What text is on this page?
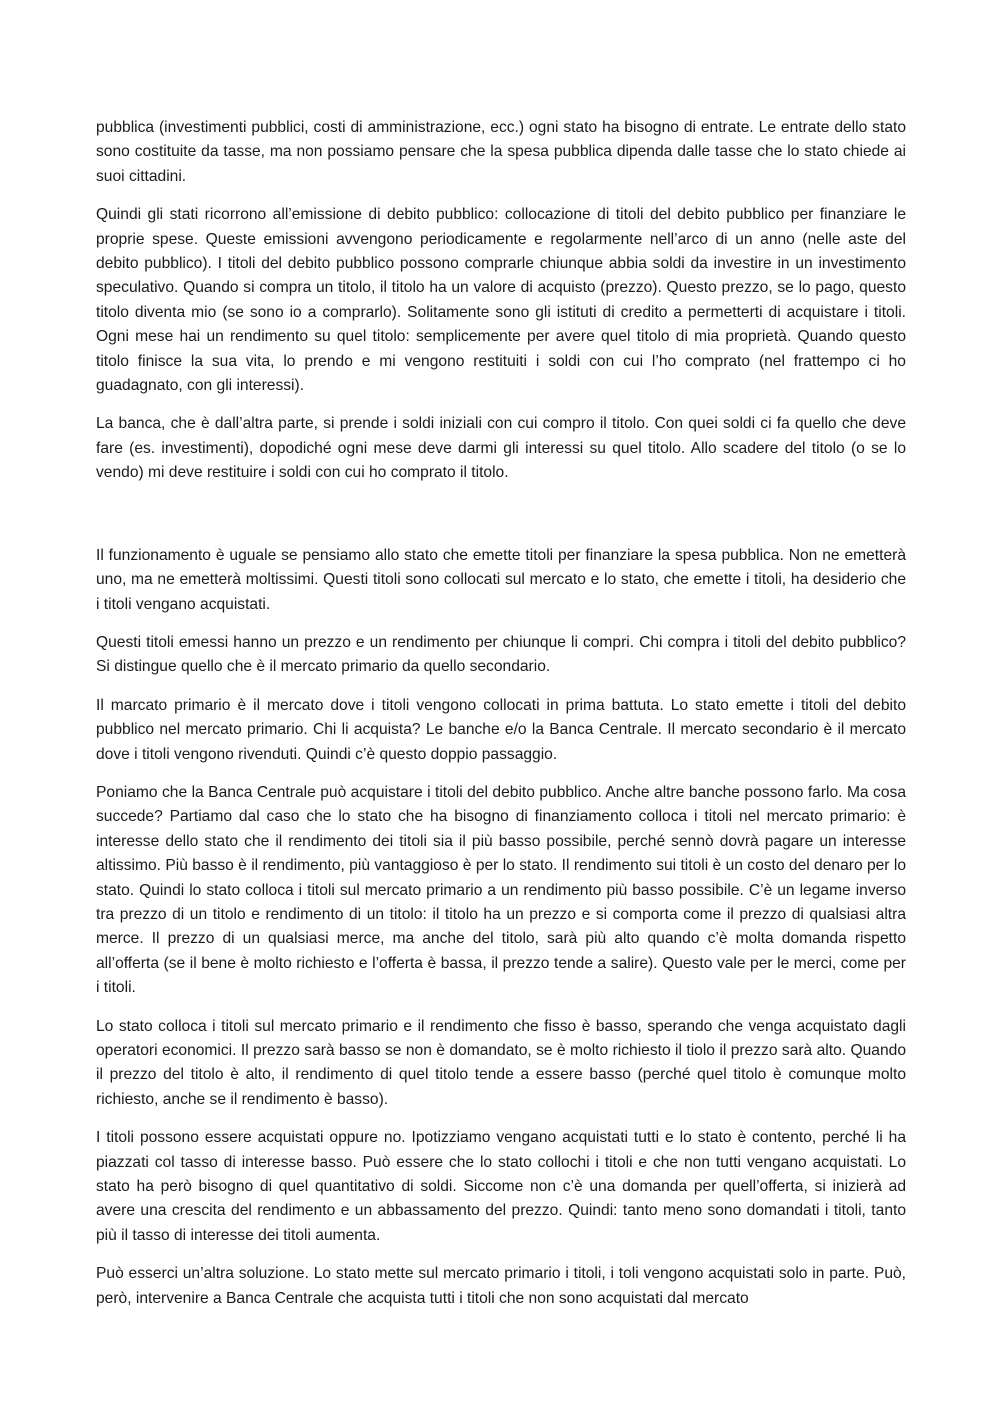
pubblica (investimenti pubblici, costi di amministrazione, ecc.) ogni stato ha bisogno di entrate. Le entrate dello stato sono costituite da tasse, ma non possiamo pensare che la spesa pubblica dipenda dalle tasse che lo stato chiede ai suoi cittadini.

Quindi gli stati ricorrono all’emissione di debito pubblico: collocazione di titoli del debito pubblico per finanziare le proprie spese. Queste emissioni avvengono periodicamente e regolarmente nell’arco di un anno (nelle aste del debito pubblico). I titoli del debito pubblico possono comprarle chiunque abbia soldi da investire in un investimento speculativo. Quando si compra un titolo, il titolo ha un valore di acquisto (prezzo). Questo prezzo, se lo pago, questo titolo diventa mio (se sono io a comprarlo). Solitamente sono gli istituti di credito a permetterti di acquistare i titoli. Ogni mese hai un rendimento su quel titolo: semplicemente per avere quel titolo di mia proprietà. Quando questo titolo finisce la sua vita, lo prendo e mi vengono restituiti i soldi con cui l’ho comprato (nel frattempo ci ho guadagnato, con gli interessi).

La banca, che è dall’altra parte, si prende i soldi iniziali con cui compro il titolo. Con quei soldi ci fa quello che deve fare (es. investimenti), dopodiché ogni mese deve darmi gli interessi su quel titolo. Allo scadere del titolo (o se lo vendo) mi deve restituire i soldi con cui ho comprato il titolo.

Il funzionamento è uguale se pensiamo allo stato che emette titoli per finanziare la spesa pubblica. Non ne emetterà uno, ma ne emetterà moltissimi. Questi titoli sono collocati sul mercato e lo stato, che emette i titoli, ha desiderio che i titoli vengano acquistati.

Questi titoli emessi hanno un prezzo e un rendimento per chiunque li compri. Chi compra i titoli del debito pubblico? Si distingue quello che è il mercato primario da quello secondario.

Il marcato primario è il mercato dove i titoli vengono collocati in prima battuta. Lo stato emette i titoli del debito pubblico nel mercato primario. Chi li acquista? Le banche e/o la Banca Centrale. Il mercato secondario è il mercato dove i titoli vengono rivenduti. Quindi c’è questo doppio passaggio.

Poniamo che la Banca Centrale può acquistare i titoli del debito pubblico. Anche altre banche possono farlo. Ma cosa succede? Partiamo dal caso che lo stato che ha bisogno di finanziamento colloca i titoli nel mercato primario: è interesse dello stato che il rendimento dei titoli sia il più basso possibile, perché sennò dovrà pagare un interesse altissimo. Più basso è il rendimento, più vantaggioso è per lo stato. Il rendimento sui titoli è un costo del denaro per lo stato. Quindi lo stato colloca i titoli sul mercato primario a un rendimento più basso possibile. C’è un legame inverso tra prezzo di un titolo e rendimento di un titolo: il titolo ha un prezzo e si comporta come il prezzo di qualsiasi altra merce. Il prezzo di un qualsiasi merce, ma anche del titolo, sarà più alto quando c’è molta domanda rispetto all’offerta (se il bene è molto richiesto e l’offerta è bassa, il prezzo tende a salire). Questo vale per le merci, come per i titoli.

Lo stato colloca i titoli sul mercato primario e il rendimento che fisso è basso, sperando che venga acquistato dagli operatori economici. Il prezzo sarà basso se non è domandato, se è molto richiesto il tiolo il prezzo sarà alto. Quando il prezzo del titolo è alto, il rendimento di quel titolo tende a essere basso (perché quel titolo è comunque molto richiesto, anche se il rendimento è basso).

I titoli possono essere acquistati oppure no. Ipotizziamo vengano acquistati tutti e lo stato è contento, perché li ha piazzati col tasso di interesse basso. Può essere che lo stato collochi i titoli e che non tutti vengano acquistati. Lo stato ha però bisogno di quel quantitativo di soldi. Siccome non c’è una domanda per quell’offerta, si inizierà ad avere una crescita del rendimento e un abbassamento del prezzo. Quindi: tanto meno sono domandati i titoli, tanto più il tasso di interesse dei titoli aumenta.

Può esserci un’altra soluzione. Lo stato mette sul mercato primario i titoli, i toli vengono acquistati solo in parte. Può, però, intervenire a Banca Centrale che acquista tutti i titoli che non sono acquistati dal mercato
